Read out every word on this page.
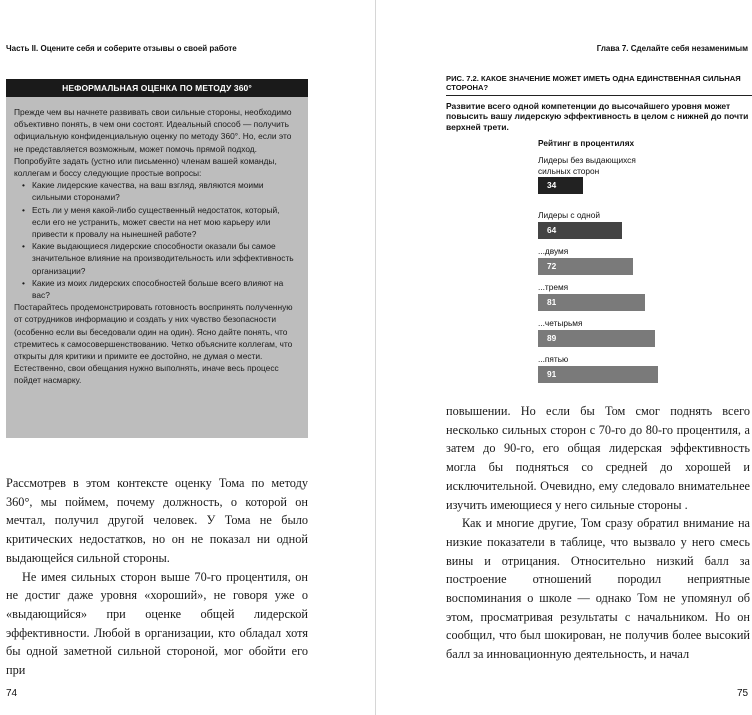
Часть II. Оцените себя и соберите отзывы о своей работе
НЕФОРМАЛЬНАЯ ОЦЕНКА ПО МЕТОДУ 360°

Прежде чем вы начнете развивать свои сильные стороны, необходимо объективно понять, в чем они состоят. Идеальный способ — получить официальную конфиденциальную оценку по методу 360°. Но, если это не представляется возможным, может помочь прямой подход. Попробуйте задать (устно или письменно) членам вашей команды, коллегам и боссу следующие простые вопросы:

• Какие лидерские качества, на ваш взгляд, являются моими сильными сторонами?
• Есть ли у меня какой-либо существенный недостаток, который, если его не устранить, может свести на нет мою карьеру или привести к провалу на нынешней работе?
• Какие выдающиеся лидерские способности оказали бы самое значительное влияние на производительность или эффективность организации?
• Какие из моих лидерских способностей больше всего влияют на вас?

Постарайтесь продемонстрировать готовность воспринять полученную от сотрудников информацию и создать у них чувство безопасности (особенно если вы беседовали один на один). Ясно дайте понять, что стремитесь к самосовершенствованию. Четко объясните коллегам, что открыты для критики и примите ее достойно, не думая о мести. Естественно, свои обещания нужно выполнять, иначе весь процесс пойдет насмарку.

Рассмотрев в этом контексте оценку Тома по методу 360°, мы поймем, почему должность, о которой он мечтал, получил другой человек. У Тома не было критических недостатков, но он не показал ни одной выдающейся сильной стороны.

Не имея сильных сторон выше 70-го процентиля, он не достиг даже уровня «хороший», не говоря уже о «выдающийся» при оценке общей лидерской эффективности. Любой в организации, кто обладал хотя бы одной заметной сильной стороной, мог обойти его при

74
Глава 7. Сделайте себя незаменимым
РИС. 7.2. КАКОЕ ЗНАЧЕНИЕ МОЖЕТ ИМЕТЬ ОДНА ЕДИНСТВЕННАЯ СИЛЬНАЯ СТОРОНА?
Развитие всего одной компетенции до высочайшего уровня может повысить вашу лидерскую эффективность в целом с нижней до почти верхней трети.
Рейтинг в процентилях
Лидеры без выдающихся сильных сторон
34
Лидеры с одной
64
...двумя
72
...тремя
81
...четырьмя
89
...пятью
91

повышении. Но если бы Том смог поднять всего несколько сильных сторон с 70-го до 80-го процентиля, а затем до 90-го, его общая лидерская эффективность могла бы подняться со средней до хорошей и исключительной. Очевидно, ему следовало внимательнее изучить имеющиеся у него сильные стороны .

Как и многие другие, Том сразу обратил внимание на низкие показатели в таблице, что вызвало у него смесь вины и отрицания. Относительно низкий балл за построение отношений породил неприятные воспоминания о школе — однако Том не упомянул об этом, просматривая результаты с начальником. Но он сообщил, что был шокирован, не получив более высокий балл за инновационную деятельность, и начал

75
